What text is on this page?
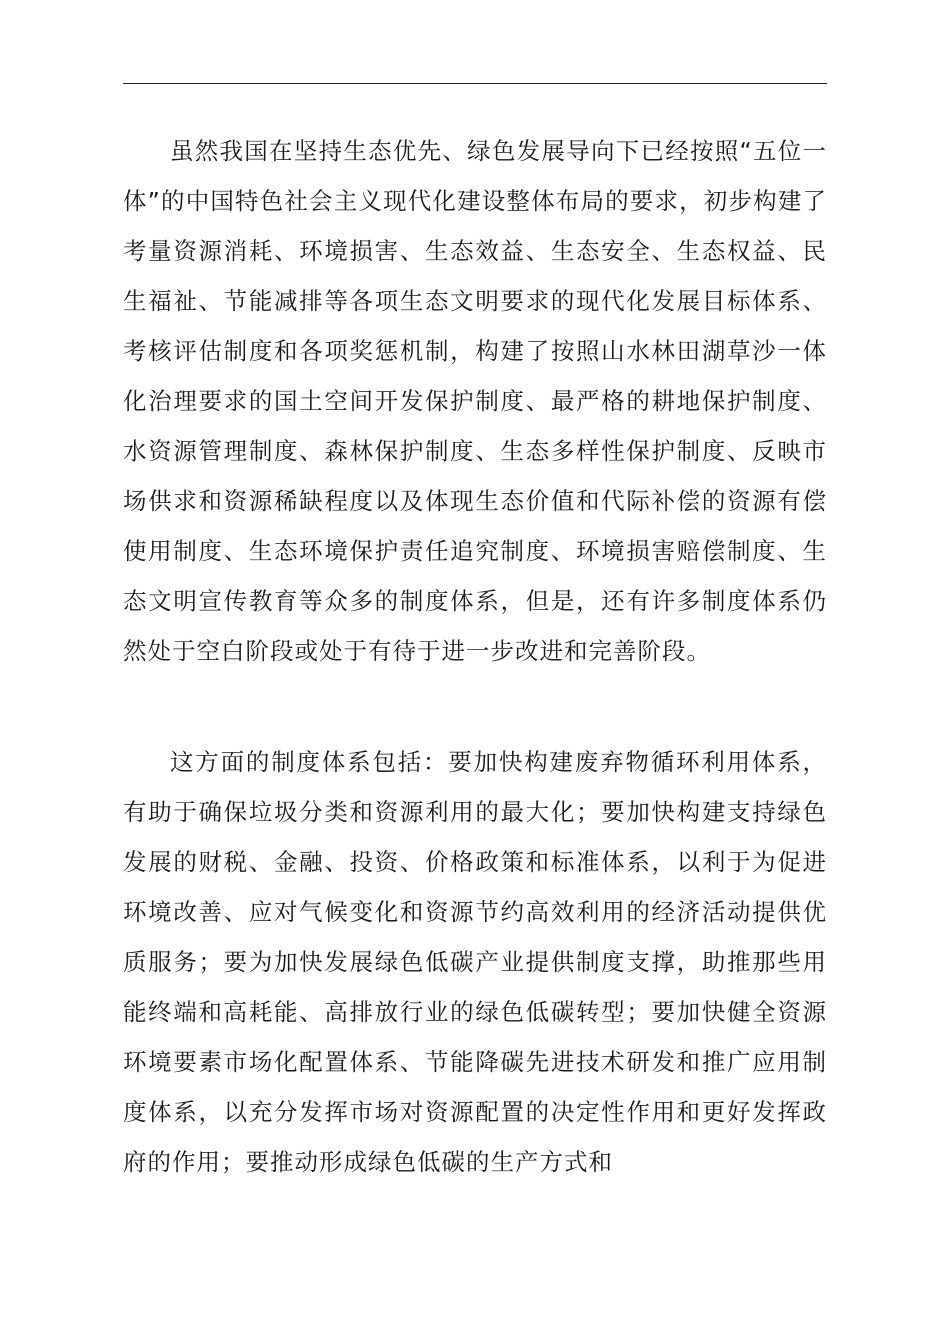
虽然我国在坚持生态优先、绿色发展导向下已经按照“五位一体”的中国特色社会主义现代化建设整体布局的要求，初步构建了考量资源消耗、环境损害、生态效益、生态安全、生态权益、民生福祉、节能减排等各项生态文明要求的现代化发展目标体系、考核评估制度和各项奖惩机制，构建了按照山水林田湖草沙一体化治理要求的国土空间开发保护制度、最严格的耕地保护制度、水资源管理制度、森林保护制度、生态多样性保护制度、反映市场供求和资源稀缺程度以及体现生态价值和代际补偿的资源有偿使用制度、生态环境保护责任追究制度、环境损害赔偿制度、生态文明宣传教育等众多的制度体系，但是，还有许多制度体系仍然处于空白阶段或处于有待于进一步改进和完善阶段。

这方面的制度体系包括：要加快构建废弃物循环利用体系，有助于确保垃圾分类和资源利用的最大化；要加快构建支持绿色发展的财税、金融、投资、价格政策和标准体系，以利于为促进环境改善、应对气候变化和资源节约高效利用的经济活动提供优质服务；要为加快发展绿色低碳产业提供制度支撑，助推那些用能终端和高耗能、高排放行业的绿色低碳转型；要加快健全资源环境要素市场化配置体系、节能降碳先进技术研发和推广应用制度体系，以充分发挥市场对资源配置的决定性作用和更好发挥政府的作用；要推动形成绿色低碳的生产方式和
